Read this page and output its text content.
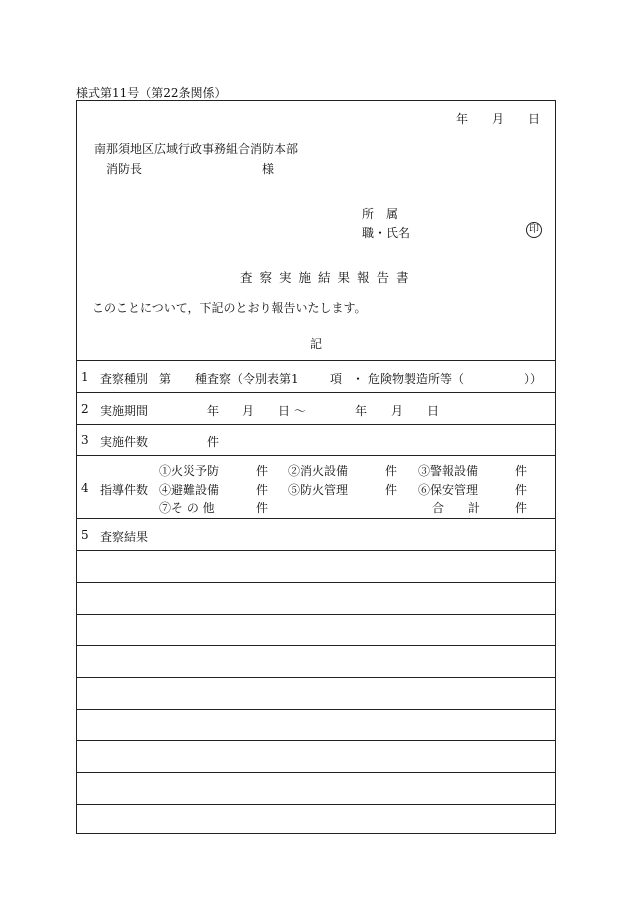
様式第11号（第22条関係）
年 月 日
南那須地区広域行政事務組合消防本部
消防長	様
所　属
職・氏名	印
査察実施結果報告書
このことについて，下記のとおり報告いたします。
記
1 査察種別 第 種査察（令別表第1	項 ・ 危険物製造所等（	））
2 実施期間	年 月 日 〜	年 月 日
3 実施件数	件
4 指導件数
①火災予防	件 ②消火設備	件 ③警報設備	件
④避難設備	件 ⑤防火管理	件 ⑥保安管理	件
⑦そ の 他	件	合　　計	件
5 査察結果
